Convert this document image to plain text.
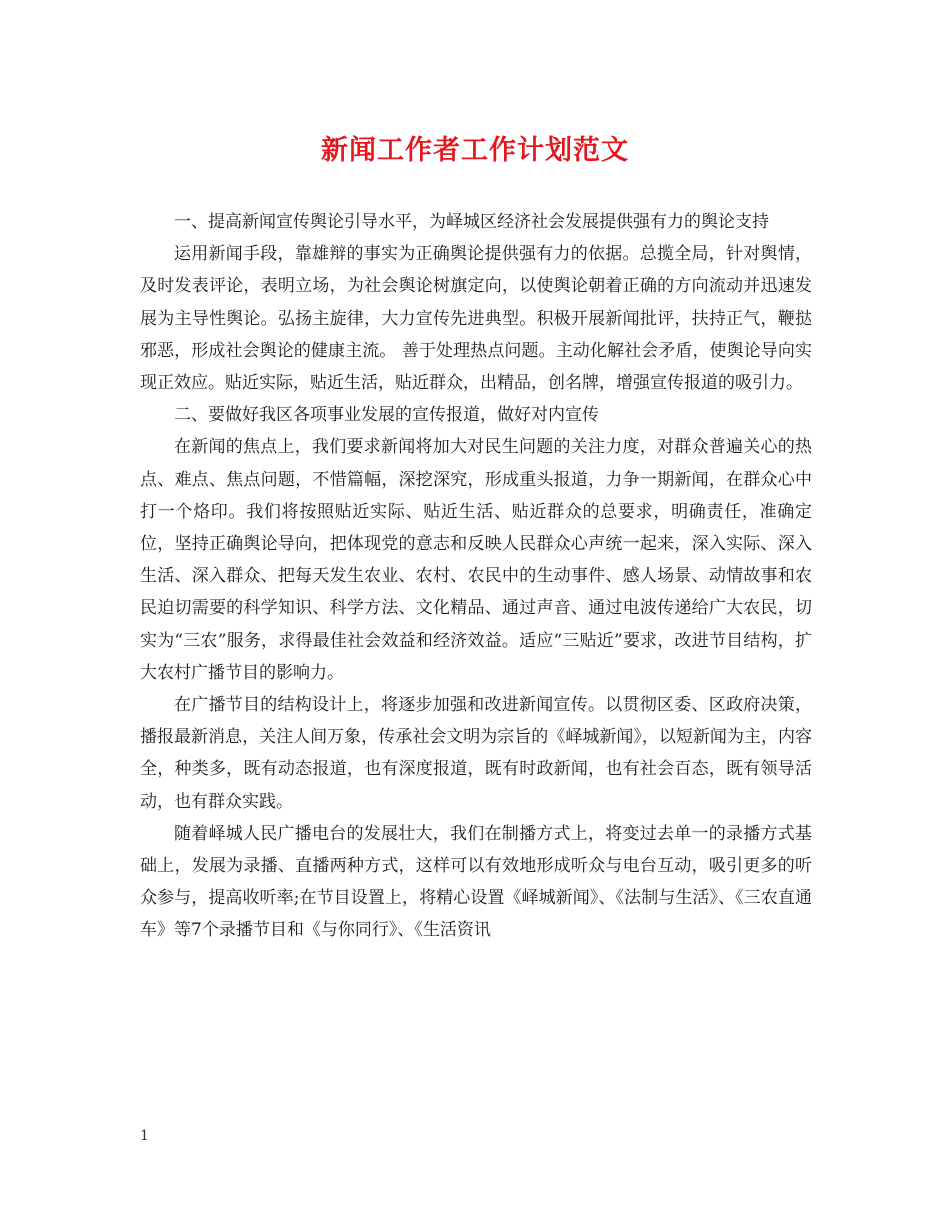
新闻工作者工作计划范文

一、提高新闻宣传舆论引导水平，为峄城区经济社会发展提供强有力的舆论支持

运用新闻手段，靠雄辩的事实为正确舆论提供强有力的依据。总揽全局，针对舆情，及时发表评论，表明立场，为社会舆论树旗定向，以使舆论朝着正确的方向流动并迅速发展为主导性舆论。弘扬主旋律，大力宣传先进典型。积极开展新闻批评，扶持正气，鞭挞邪恶，形成社会舆论的健康主流。 善于处理热点问题。主动化解社会矛盾，使舆论导向实现正效应。贴近实际，贴近生活，贴近群众，出精品，创名牌，增强宣传报道的吸引力。

二、要做好我区各项事业发展的宣传报道，做好对内宣传

在新闻的焦点上，我们要求新闻将加大对民生问题的关注力度，对群众普遍关心的热点、难点、焦点问题，不惜篇幅，深挖深究，形成重头报道，力争一期新闻，在群众心中打一个烙印。我们将按照贴近实际、贴近生活、贴近群众的总要求，明确责任，准确定位，坚持正确舆论导向，把体现党的意志和反映人民群众心声统一起来，深入实际、深入生活、深入群众、把每天发生农业、农村、农民中的生动事件、感人场景、动情故事和农民迫切需要的科学知识、科学方法、文化精品、通过声音、通过电波传递给广大农民，切实为“三农”服务，求得最佳社会效益和经济效益。适应“三贴近”要求，改进节目结构，扩大农村广播节目的影响力。

在广播节目的结构设计上，将逐步加强和改进新闻宣传。以贯彻区委、区政府决策，播报最新消息，关注人间万象，传承社会文明为宗旨的《峄城新闻》，以短新闻为主，内容全，种类多，既有动态报道，也有深度报道，既有时政新闻，也有社会百态，既有领导活动，也有群众实践。

随着峄城人民广播电台的发展壮大，我们在制播方式上，将变过去单一的录播方式基础上，发展为录播、直播两种方式，这样可以有效地形成听众与电台互动，吸引更多的听众参与，提高收听率;在节目设置上，将精心设置《峄城新闻》、《法制与生活》、《三农直通车》等7个录播节目和《与你同行》、《生活资讯

1
